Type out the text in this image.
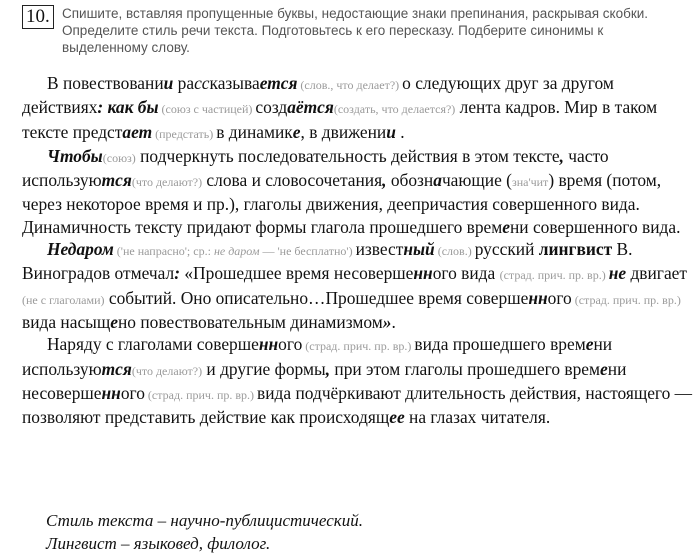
10. Спишите, вставляя пропущенные буквы, недостающие знаки препинания, раскрывая скобки. Определите стиль речи текста. Подготовьтесь к его пересказу. Подберите синонимы к выделенному слову.

В повествовании рассказывается (слов., что делает?) о следующих друг за другом действиях: как бы (союз с частицей) создаётся(создать, что делается?) лента кадров. Мир в таком тексте предстает (предстать) в динамике, в движении .

Чтобы(союз) подчеркнуть последовательность действия в этом тексте, часто используются(что делают?) слова и словосочетания, обозначающие (зна'чит) время (потом, через некоторое время и пр.), глаголы движения, деепричастия совершенного вида. Динамичность тексту придают формы глагола прошедшего времени совершенного вида.

Недаром ('не напрасно'; ср.: не даром — 'не бесплатно') известный (слов.) русский лингвист В. Виноградов отмечал: «Прошедшее время несовершенного вида (страд. прич. пр. вр.) не двигает (не с глаголами) событий. Оно описательно…Прошедшее время совершенного (страд. прич. пр. вр.) вида насыщено повествовательным динамизмом».

Наряду с глаголами совершенного (страд. прич. пр. вр.) вида прошедшего времени используются(что делают?) и другие формы, при этом глаголы прошедшего времени несовершенного (страд. прич. пр. вр.) вида подчёркивают длительность действия, настоящего — позволяют представить действие как происходящее на глазах читателя.

Стиль текста – научно-публицистический.
Лингвист – языковед, филолог.
